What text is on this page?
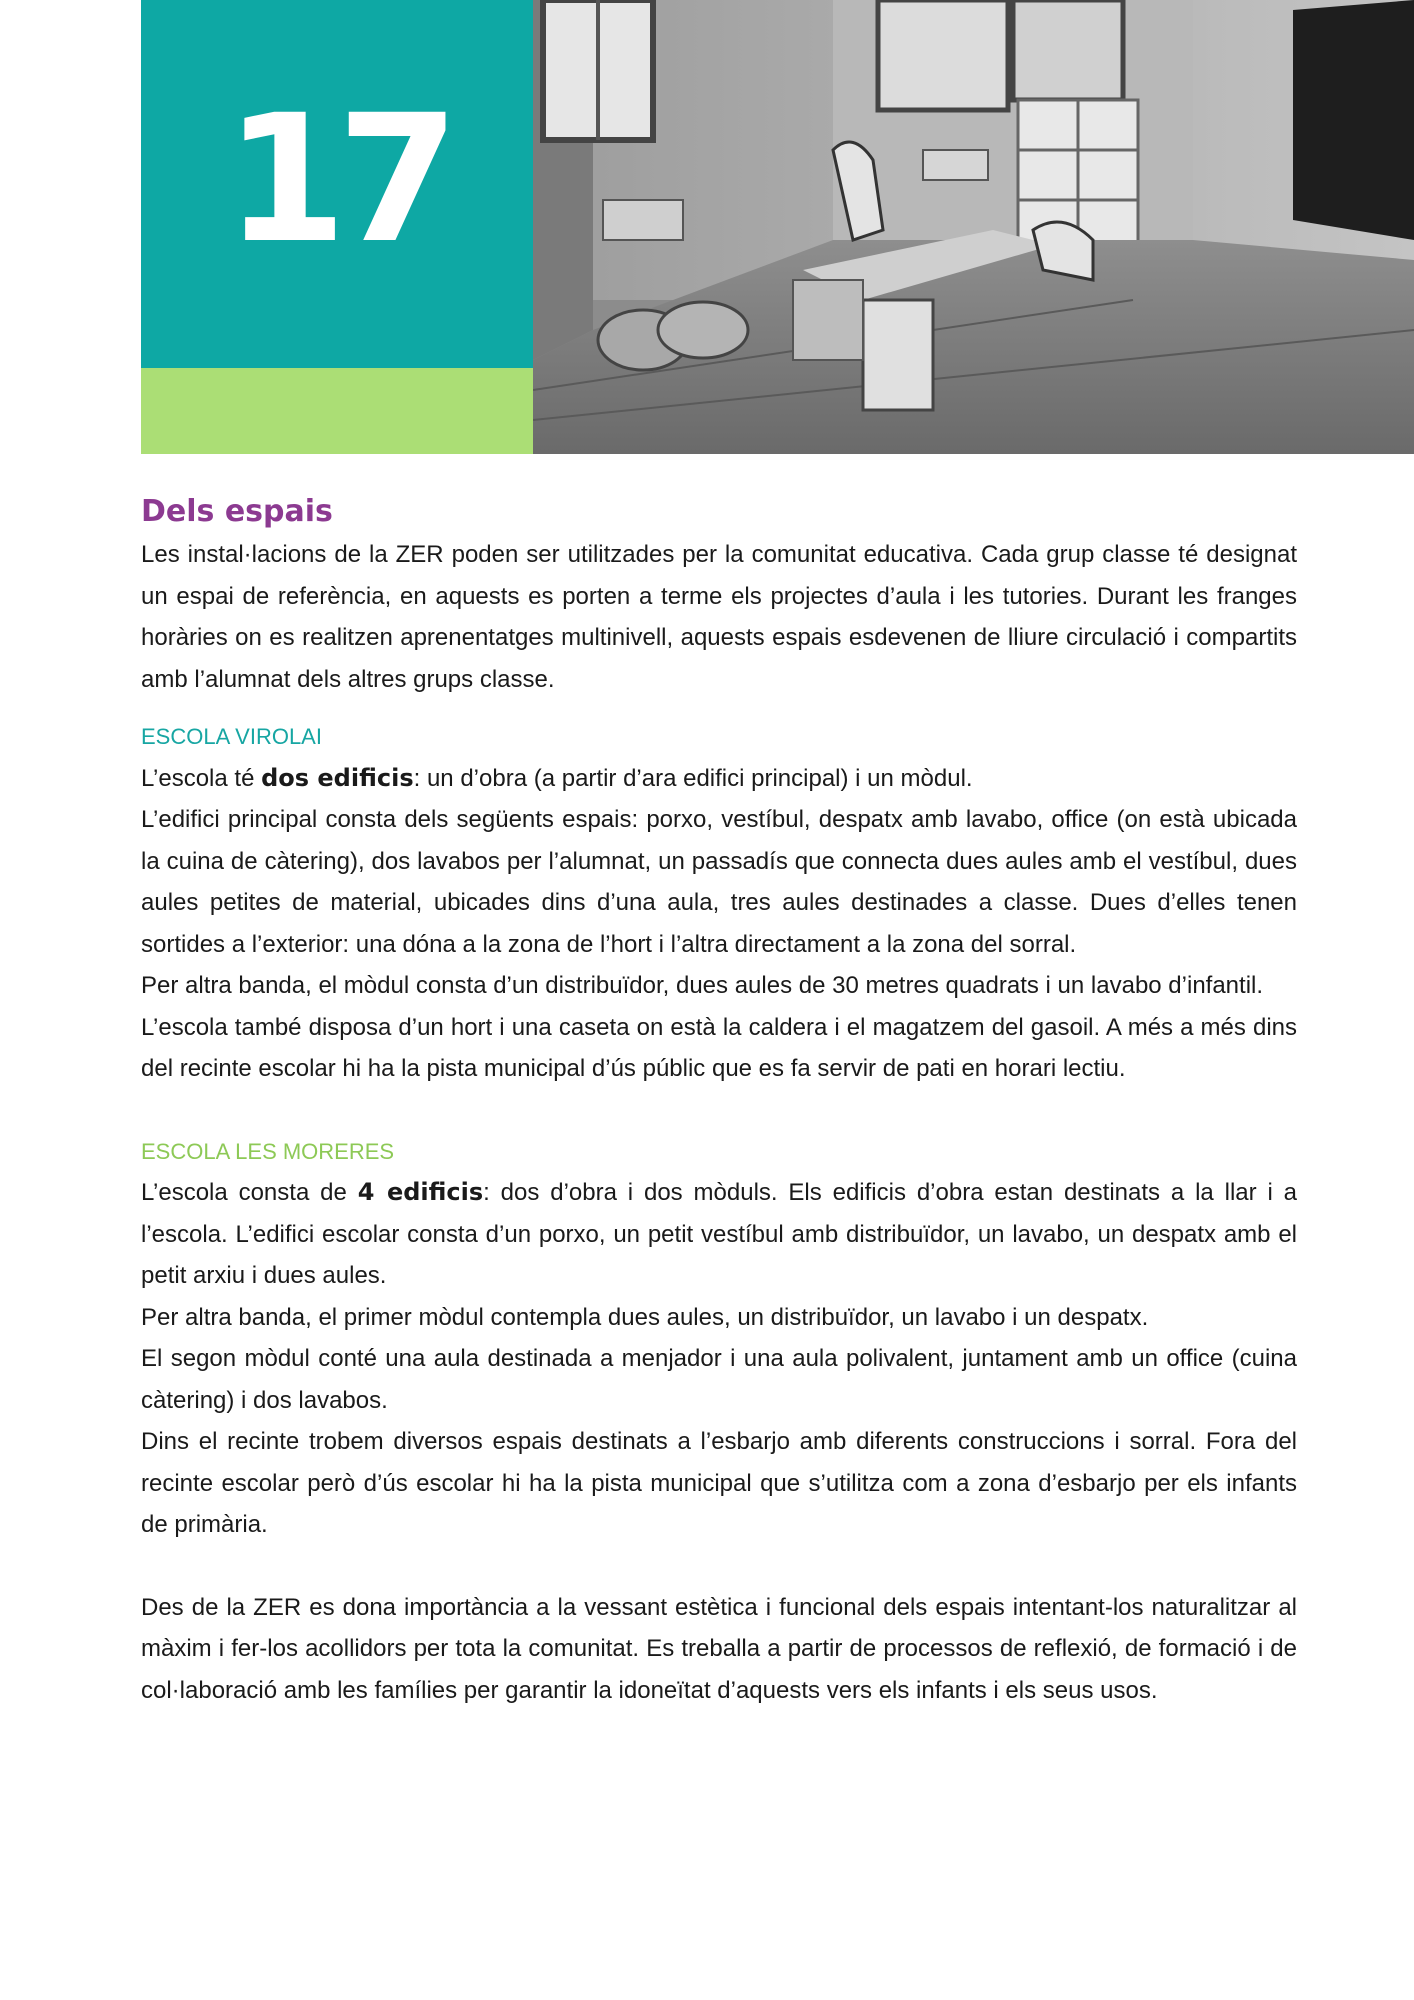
17
Dels espais

Les instal·lacions de la ZER poden ser utilitzades per la comunitat educativa. Cada grup classe té designat un espai de referència, en aquests es porten a terme els projectes d’aula i les tutories. Durant les franges horàries on es realitzen aprenentatges multinivell, aquests espais esdevenen de lliure circulació i compartits amb l’alumnat dels altres grups classe.

ESCOLA VIROLAI

L’escola té dos edificis: un d’obra (a partir d’ara edifici principal) i un mòdul.

L’edifici principal consta dels següents espais: porxo, vestíbul, despatx amb lavabo, office (on està ubicada la cuina de càtering), dos lavabos per l’alumnat, un passadís que connecta dues aules amb el vestíbul, dues aules petites de material, ubicades dins d’una aula, tres aules destinades a classe. Dues d’elles tenen sortides a l’exterior: una dóna a la zona de l’hort i l’altra directament a la zona del sorral.

Per altra banda, el mòdul consta d’un distribuïdor, dues aules de 30 metres quadrats i un lavabo d’infantil.

L’escola també disposa d’un hort i una caseta on està la caldera i el magatzem del gasoil. A més a més dins del recinte escolar hi ha la pista municipal d’ús públic que es fa servir de pati en horari lectiu.

ESCOLA LES MORERES

L’escola consta de 4 edificis: dos d’obra i dos mòduls. Els edificis d’obra estan destinats a la llar i a l’escola. L’edifici escolar consta d’un porxo, un petit vestíbul amb distribuïdor, un lavabo, un despatx amb el petit arxiu i dues aules.

Per altra banda, el primer mòdul contempla dues aules, un distribuïdor, un lavabo i un despatx.

El segon mòdul conté una aula destinada a menjador i una aula polivalent, juntament amb un office (cuina càtering) i dos lavabos.

Dins el recinte trobem diversos espais destinats a l’esbarjo amb diferents construccions i sorral. Fora del recinte escolar però d’ús escolar hi ha la pista municipal que s’utilitza com a zona d’esbarjo per els infants de primària.

Des de la ZER es dona importància a la vessant estètica i funcional dels espais intentant-los naturalitzar al màxim i fer-los acollidors per tota la comunitat. Es treballa a partir de processos de reflexió, de formació i de col·laboració amb les famílies per garantir la idoneïtat d’aquests vers els infants i els seus usos.
